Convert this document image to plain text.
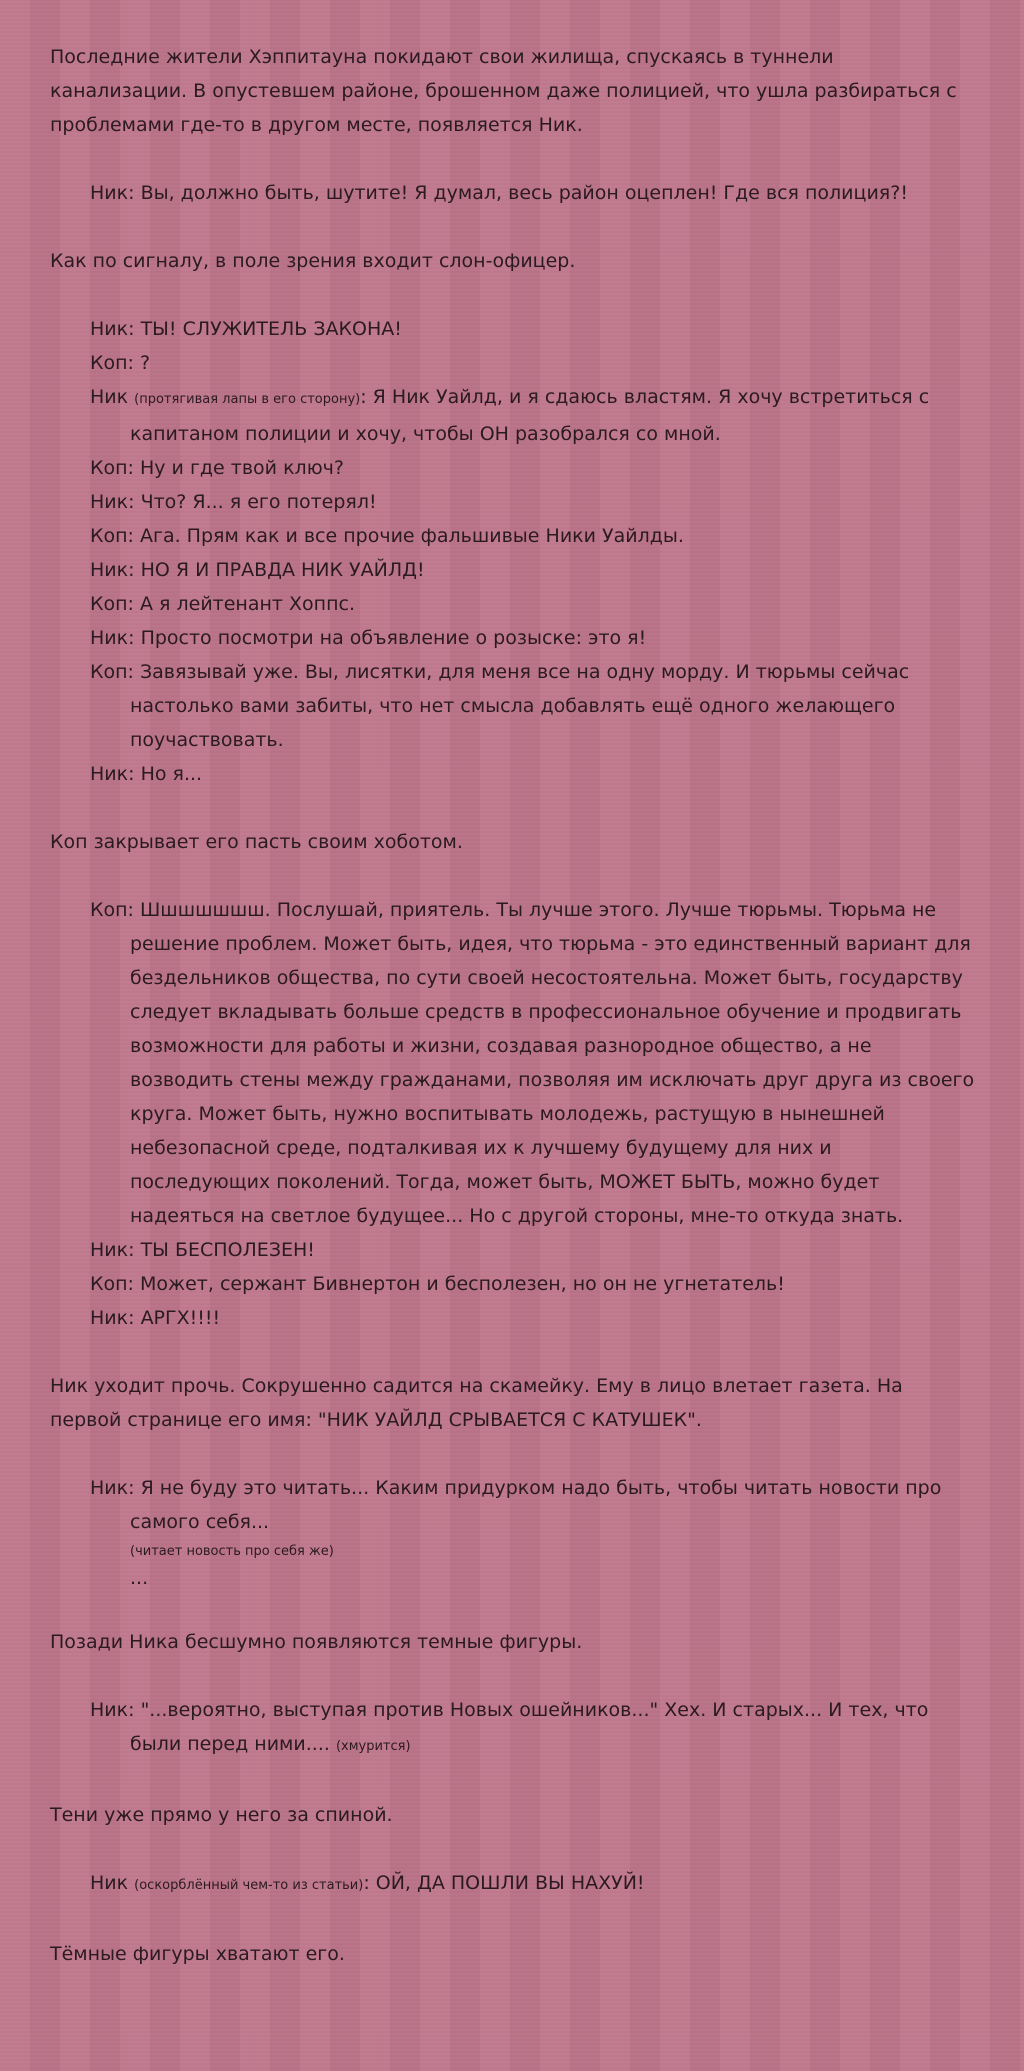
Последние жители Хэппитауна покидают свои жилища, спускаясь в туннели канализации. В опустевшем районе, брошенном даже полицией, что ушла разбираться с проблемами где-то в другом месте, появляется Ник.

Ник: Вы, должно быть, шутите! Я думал, весь район оцеплен! Где вся полиция?!

Как по сигналу, в поле зрения входит слон-офицер.

Ник: ТЫ! СЛУЖИТЕЛЬ ЗАКОНА!
Коп: ?
Ник (протягивая лапы в его сторону): Я Ник Уайлд, и я сдаюсь властям. Я хочу встретиться с капитаном полиции и хочу, чтобы ОН разобрался со мной.
Коп: Ну и где твой ключ?
Ник: Что? Я... я его потерял!
Коп: Ага. Прям как и все прочие фальшивые Ники Уайлды.
Ник: НО Я И ПРАВДА НИК УАЙЛД!
Коп: А я лейтенант Хоппс.
Ник: Просто посмотри на объявление о розыске: это я!
Коп: Завязывай уже. Вы, лисятки, для меня все на одну морду. И тюрьмы сейчас настолько вами забиты, что нет смысла добавлять ещё одного желающего поучаствовать.
Ник: Но я...

Коп закрывает его пасть своим хоботом.

Коп: Шшшшшшш. Послушай, приятель. Ты лучше этого. Лучше тюрьмы. Тюрьма не решение проблем. Может быть, идея, что тюрьма - это единственный вариант для бездельников общества, по сути своей несостоятельна. Может быть, государству следует вкладывать больше средств в профессиональное обучение и продвигать возможности для работы и жизни, создавая разнородное общество, а не возводить стены между гражданами, позволяя им исключать друг друга из своего круга. Может быть, нужно воспитывать молодежь, растущую в нынешней небезопасной среде, подталкивая их к лучшему будущему для них и последующих поколений. Тогда, может быть, МОЖЕТ БЫТЬ, можно будет надеяться на светлое будущее... Но с другой стороны, мне-то откуда знать.
Ник: ТЫ БЕСПОЛЕЗЕН!
Коп: Может, сержант Бивнертон и бесполезен, но он не угнетатель!
Ник: АРГХ!!!!

Ник уходит прочь. Сокрушенно садится на скамейку. Ему в лицо влетает газета. На первой странице его имя: "НИК УАЙЛД СРЫВАЕТСЯ С КАТУШЕК".

Ник: Я не буду это читать... Каким придурком надо быть, чтобы читать новости про самого себя...
(читает новость про себя же)
...

Позади Ника бесшумно появляются темные фигуры.

Ник: "...вероятно, выступая против Новых ошейников..." Хех. И старых... И тех, что были перед ними.... (хмурится)

Тени уже прямо у него за спиной.

Ник (оскорблённый чем-то из статьи): ОЙ, ДА ПОШЛИ ВЫ НАХУЙ!

Тёмные фигуры хватают его.
